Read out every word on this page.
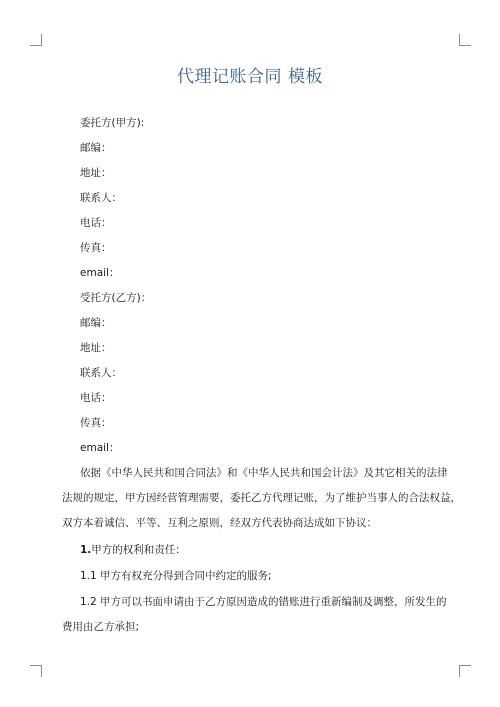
代理记账合同 模板
委托方(甲方):
邮编：
地址：
联系人：
电话：
传真：
email：
受托方(乙方)：
邮编：
地址：
联系人：
电话：
传真：
email：
依据《中华人民共和国合同法》和《中华人民共和国会计法》及其它相关的法律
法规的规定，甲方因经营管理需要，委托乙方代理记账，为了维护当事人的合法权益，
双方本着诚信、平等、互利之原则，经双方代表协商达成如下协议：
1.甲方的权利和责任：
1.1 甲方有权充分得到合同中约定的服务;
1.2 甲方可以书面申请由于乙方原因造成的错账进行重新编制及调整，所发生的
费用由乙方承担;
